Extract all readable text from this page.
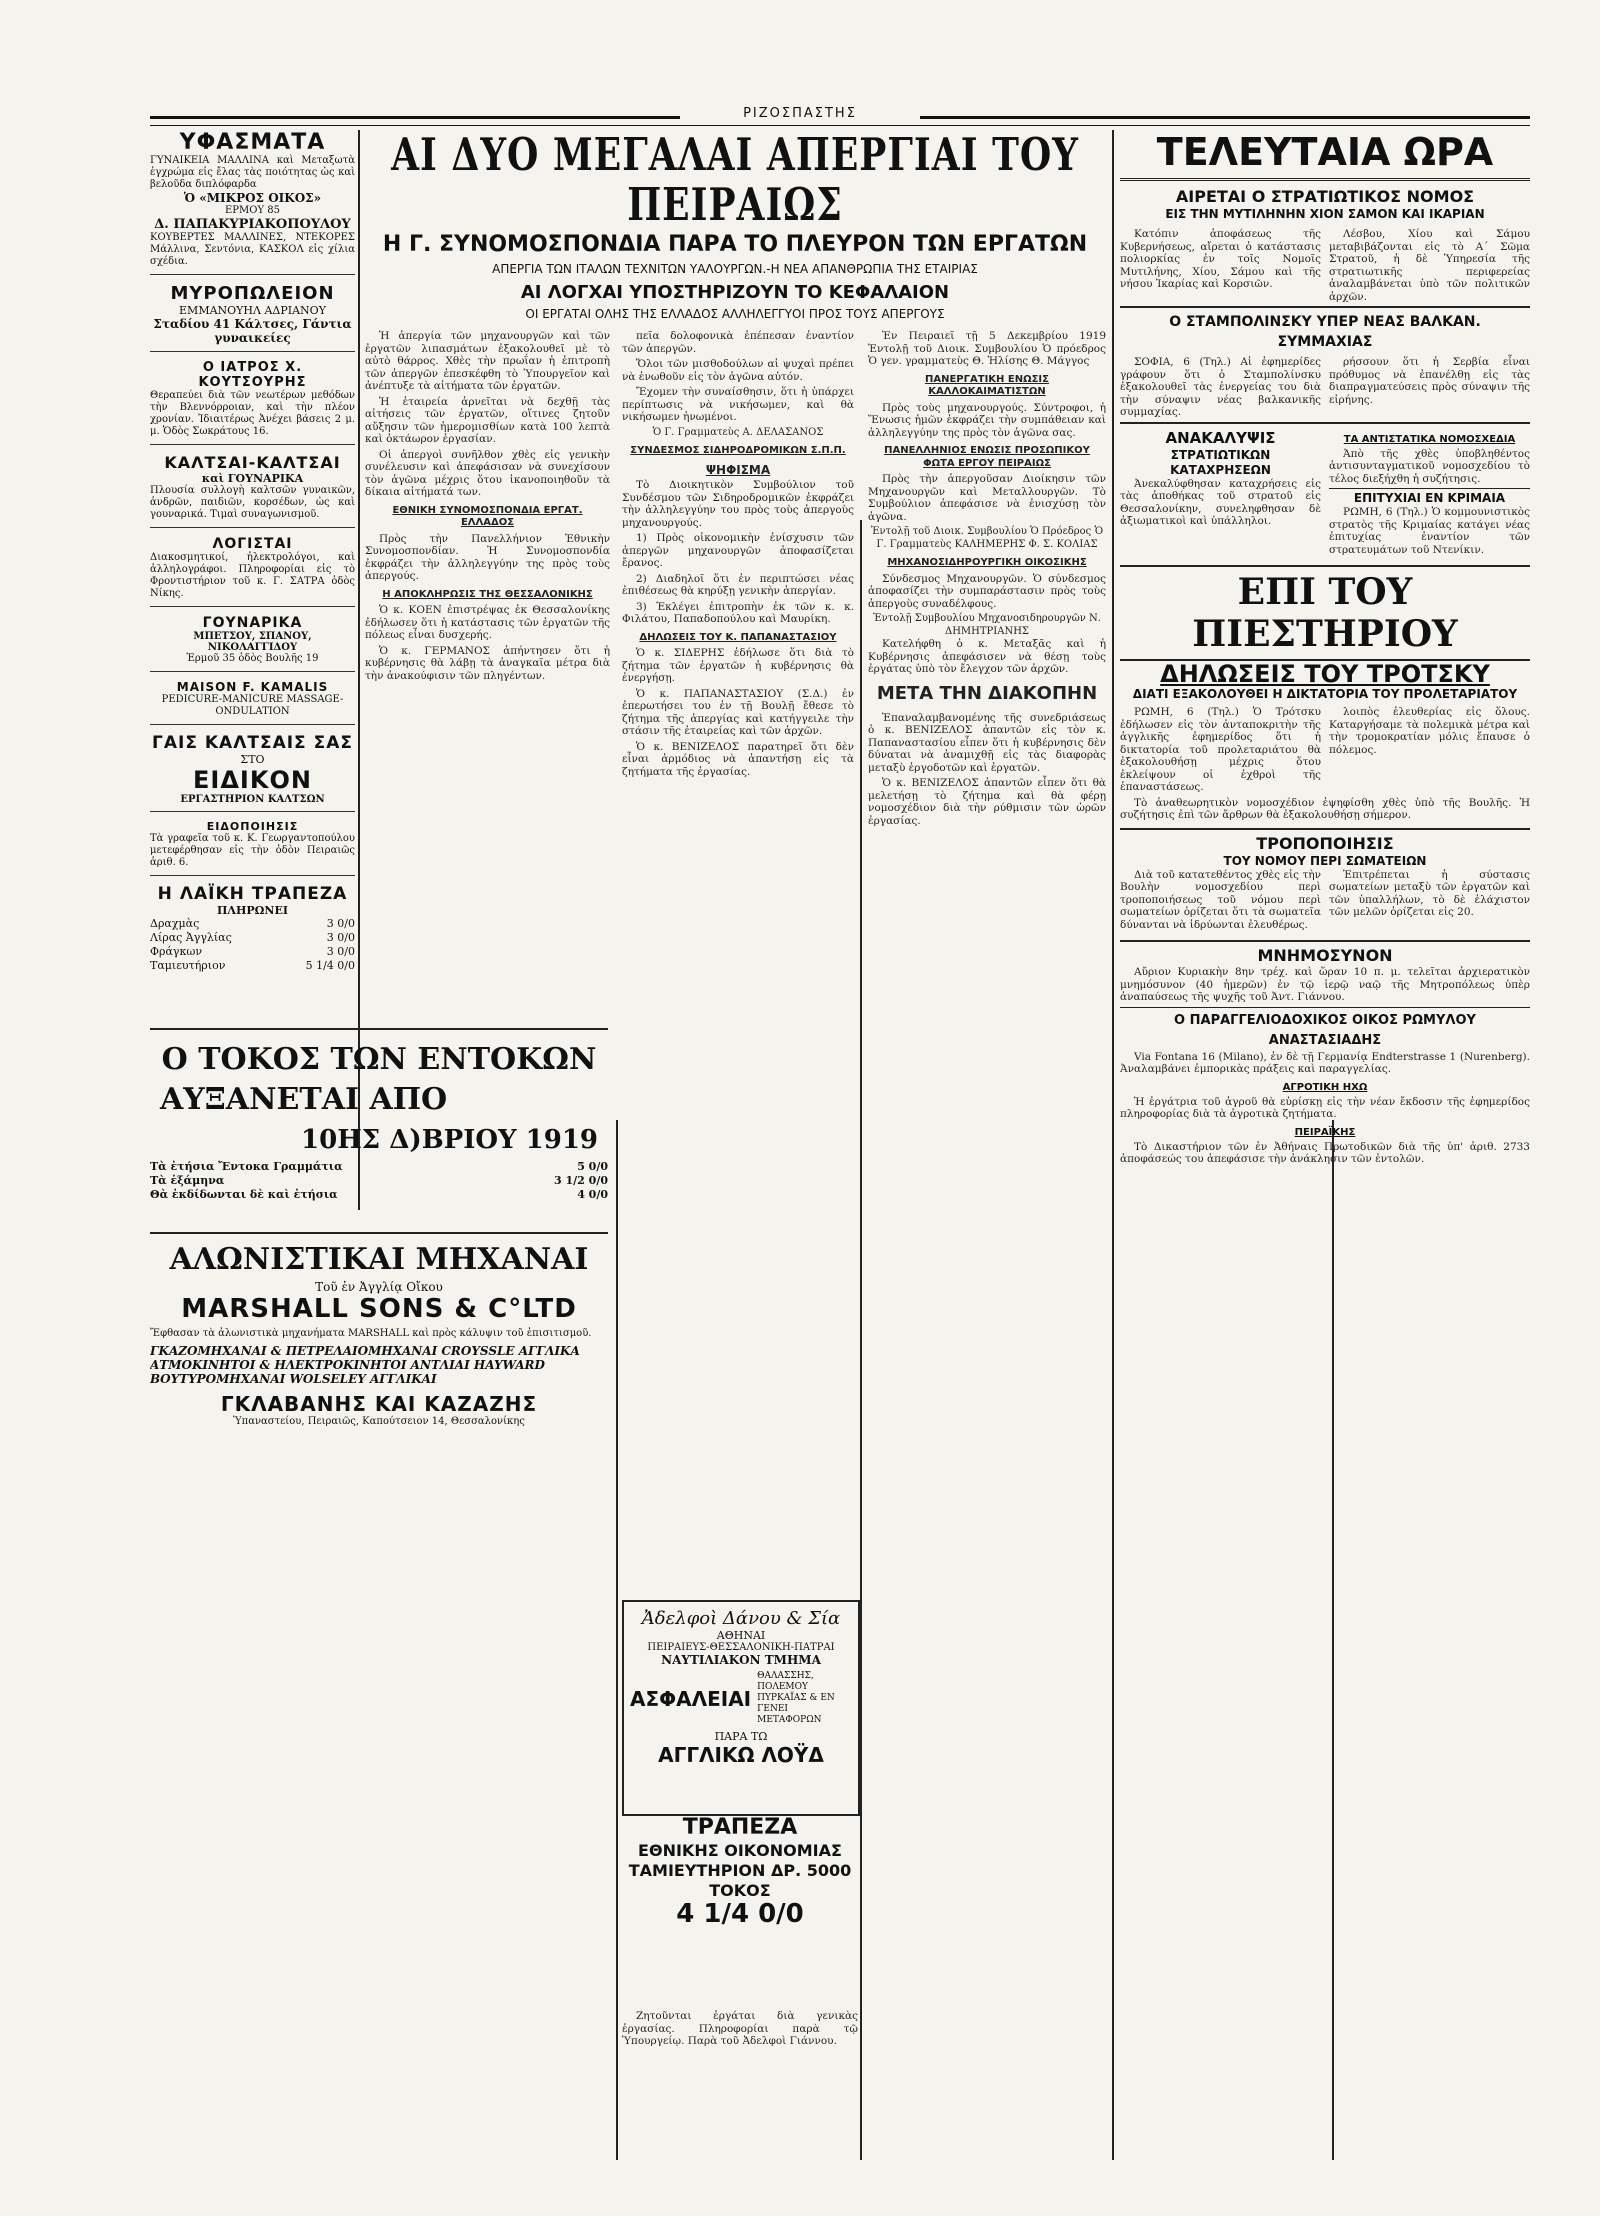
ΡΙΖΟΣΠΑΣΤΗΣ
ΥΦΑΣΜΑΤΑ
ΓΥΝΑΙΚΕΙΑ ΜΑΛΛΙΝΑ καὶ Μεταξωτὰ ἐγχρώμα εἰς ἔλας τὰς ποιότητας ὡς καὶ βελοῦδα διπλόφαρδα
Ὁ «ΜΙΚΡΟΣ ΟΙΚΟΣ»
ΕΡΜΟΥ 85
Δ. ΠΑΠΑΚΥΡΙΑΚΟΠΟΥΛΟΥ
ΚΟΥΒΕΡΤΕΣ ΜΑΛΛΙΝΕΣ, ΝΤΕΚΟΡΕΣ Μάλλινα, Σεντόνια, ΚΑΣΚΟΛ εἰς χίλια σχέδια.
ΜΥΡΟΠΩΛΕΙΟΝ
ΕΜΜΑΝΟΥΗΛ ΑΔΡΙΑΝΟΥ
Σταδίου 41 Κάλτσες, Γάντια γυναικείες
Ο ΙΑΤΡΟΣ Χ. ΚΟΥΤΣΟΥΡΗΣ
Θεραπεύει διὰ τῶν νεωτέρων μεθόδων τὴν Βλεννόρροιαν, καὶ τὴν πλέον χρονίαν. Ἰδιαιτέρως Ἀνέχει βάσεις 2 μ. μ. Ὁδὸς Σωκράτους 16.
ΚΑΛΤΣΑΙ-ΚΑΛΤΣΑΙ
καὶ ΓΟΥΝΑΡΙΚΑ
Πλουσία συλλογὴ καλτσῶν γυναικῶν, ἀνδρῶν, παιδιῶν, κορσέδων, ὡς καὶ γουναρικά. Τιμαὶ συναγωνισμοῦ.
ΛΟΓΙΣΤΑΙ
Διακοσμητικοί, ἠλεκτρολόγοι, καὶ ἀλληλογράφοι. Πληροφορίαι εἰς τὸ Φροντιστήριον τοῦ κ. Γ. ΣΑΤΡΑ ὁδὸς Νίκης.
ΓΟΥΝΑΡΙΚΑ
ΜΠΕΤΣΟΥ, ΣΠΑΝΟΥ, ΝΙΚΟΛΑΓΓΙΔΟΥ
Ἑρμοῦ 35 ὁδὸς Βουλῆς 19
MAISON F. KAMALIS
PEDICURE-MANICURE MASSAGE-ONDULATION
ΓΑΙΣ ΚΑΛΤΣΑΙΣ ΣΑΣ
ΣΤΟ
ΕΙΔΙΚΟΝ
ΕΡΓΑΣΤΗΡΙΟΝ ΚΑΛΤΣΩΝ
ΕΙΔΟΠΟΙΗΣΙΣ
Τὰ γραφεῖα τοῦ κ. Κ. Γεωργαντοπούλου μετεφέρθησαν εἰς τὴν ὁδὸν Πειραιῶς ἀριθ. 6.
Η ΛΑΪΚΗ ΤΡΑΠΕΖΑ
ΠΛΗΡΩΝΕΙ
Δραχμὰς	3 0/0
Λίρας Ἀγγλίας	3 0/0
Φράγκων	3 0/0
Ταμιευτήριον	5 1/4 0/0
Ο ΤΟΚΟΣ ΤΩΝ ΕΝΤΟΚΩΝ
ΑΥΞΑΝΕΤΑΙ ΑΠΟ
10ΗΣ Δ)ΒΡΙΟΥ 1919
Τὰ ἐτήσια Ἔντοκα Γραμμάτια	5 0/0
Τὰ ἑξάμηνα	3 1/2 0/0
Θὰ ἐκδίδωνται δὲ καὶ ἐτήσια	4 0/0
ΑΛΩΝΙΣΤΙΚΑΙ ΜΗΧΑΝΑΙ
Τοῦ ἐν Ἀγγλίᾳ Οἴκου
MARSHALL SONS & C°LTD
Ἔφθασαν τὰ ἀλωνιστικὰ μηχανήματα MARSHALL καὶ πρὸς κάλυψιν τοῦ ἐπισιτισμοῦ.
ΓΚΑΖΟΜΗΧΑΝΑΙ & ΠΕΤΡΕΛΑΙΟΜΗΧΑΝΑΙ CROYSSLE ΑΓΓΛΙΚΑ
ΑΤΜΟΚΙΝΗΤΟΙ & ΗΛΕΚΤΡΟΚΙΝΗΤΟΙ ΑΝΤΛΙΑΙ HAYWARD
ΒΟΥΤΥΡΟΜΗΧΑΝΑΙ WOLSELEY ΑΓΓΛΙΚΑΙ
ΓΚΛΑΒΑΝΗΣ ΚΑΙ ΚΑΖΑΖΗΣ
Ὑπαναστείου, Πειραιῶς, Καπούτσειον 14, Θεσσαλονίκης
ΑΙ ΔΥΟ ΜΕΓΑΛΑΙ ΑΠΕΡΓΙΑΙ ΤΟΥ ΠΕΙΡΑΙΩΣ
Η Γ. ΣΥΝΟΜΟΣΠΟΝΔΙΑ ΠΑΡΑ ΤΟ ΠΛΕΥΡΟΝ ΤΩΝ ΕΡΓΑΤΩΝ
ΑΠΕΡΓΙΑ ΤΩΝ ΙΤΑΛΩΝ ΤΕΧΝΙΤΩΝ ΥΑΛΟΥΡΓΩΝ.-Η ΝΕΑ ΑΠΑΝΘΡΩΠΙΑ ΤΗΣ ΕΤΑΙΡΙΑΣ
ΑΙ ΛΟΓΧΑΙ ΥΠΟΣΤΗΡΙΖΟΥΝ ΤΟ ΚΕΦΑΛΑΙΟΝ
ΟΙ ΕΡΓΑΤΑΙ ΟΛΗΣ ΤΗΣ ΕΛΛΑΔΟΣ ΑΛΛΗΛΕΓΓΥΟΙ ΠΡΟΣ ΤΟΥΣ ΑΠΕΡΓΟΥΣ

Ἡ ἀπεργία τῶν μηχανουργῶν καὶ τῶν ἐργατῶν λιπασμάτων ἐξακολουθεῖ μὲ τὸ αὐτὸ θάρρος. Χθὲς τὴν πρωΐαν ἡ ἐπιτροπὴ τῶν ἀπεργῶν ἐπεσκέφθη τὸ Ὑπουργεῖον καὶ ἀνέπτυξε τὰ αἰτήματα τῶν ἐργατῶν.

Ἡ ἑταιρεία ἀρνεῖται νὰ δεχθῇ τὰς αἰτήσεις τῶν ἐργατῶν, οἵτινες ζητοῦν αὔξησιν τῶν ἡμερομισθίων κατὰ 100 λεπτὰ καὶ ὀκτάωρον ἐργασίαν.

Οἱ ἀπεργοὶ συνῆλθον χθὲς εἰς γενικὴν συνέλευσιν καὶ ἀπεφάσισαν νὰ συνεχίσουν τὸν ἀγῶνα μέχρις ὅτου ἱκανοποιηθοῦν τὰ δίκαια αἰτήματά των.

ΕΘΝΙΚΗ ΣΥΝΟΜΟΣΠΟΝΔΙΑ ΕΡΓΑΤ. ΕΛΛΑΔΟΣ

Πρὸς τὴν Πανελλήνιον Ἐθνικὴν Συνομοσπονδίαν. Ἡ Συνομοσπονδία ἐκφράζει τὴν ἀλληλεγγύην της πρὸς τοὺς ἀπεργούς.

Η ΑΠΟΚΛΗΡΩΣΙΣ ΤΗΣ ΘΕΣΣΑΛΟΝΙΚΗΣ

Ὁ κ. ΚΟΕΝ ἐπιστρέψας ἐκ Θεσσαλονίκης ἐδήλωσεν ὅτι ἡ κατάστασις τῶν ἐργατῶν τῆς πόλεως εἶναι δυσχερής.

Ὁ κ. ΓΕΡΜΑΝΟΣ ἀπήντησεν ὅτι ἡ κυβέρνησις θὰ λάβῃ τὰ ἀναγκαῖα μέτρα διὰ τὴν ἀνακούφισιν τῶν πληγέντων.

πεῖα δολοφονικὰ ἐπέπεσαν ἐναντίον τῶν ἀπεργῶν.

Ὅλοι τῶν μισθοδούλων αἱ ψυχαὶ πρέπει νὰ ἑνωθοῦν εἰς τὸν ἀγῶνα αὐτόν.

Ἔχομεν τὴν συναίσθησιν, ὅτι ἡ ὑπάρχει περίπτωσις νὰ νικήσωμεν, καὶ θὰ νικήσωμεν ἡνωμένοι.

Ὁ Γ. Γραμματεὺς Α. ΔΕΛΑΣΑΝΟΣ
ΣΥΝΔΕΣΜΟΣ ΣΙΔΗΡΟΔΡΟΜΙΚΩΝ Σ.Π.Π.
ΨΗΦΙΣΜΑ

Τὸ Διοικητικὸν Συμβούλιον τοῦ Συνδέσμου τῶν Σιδηροδρομικῶν ἐκφράζει τὴν ἀλληλεγγύην του πρὸς τοὺς ἀπεργοὺς μηχανουργούς.

1) Πρὸς οἰκονομικὴν ἐνίσχυσιν τῶν ἀπεργῶν μηχανουργῶν ἀποφασίζεται ἔρανος.

2) Διαδηλοῖ ὅτι ἐν περιπτώσει νέας ἐπιθέσεως θὰ κηρύξῃ γενικὴν ἀπεργίαν.

3) Ἐκλέγει ἐπιτροπὴν ἐκ τῶν κ. κ. Φιλάτου, Παπαδοπούλου καὶ Μαυρίκη.

ΔΗΛΩΣΕΙΣ ΤΟΥ Κ. ΠΑΠΑΝΑΣΤΑΣΙΟΥ

Ὁ κ. ΣΙΔΕΡΗΣ ἐδήλωσε ὅτι διὰ τὸ ζήτημα τῶν ἐργατῶν ἡ κυβέρνησις θὰ ἐνεργήσῃ.

Ὁ κ. ΠΑΠΑΝΑΣΤΑΣΙΟΥ (Σ.Δ.) ἐν ἐπερωτήσει του ἐν τῇ Βουλῇ ἔθεσε τὸ ζήτημα τῆς ἀπεργίας καὶ κατήγγειλε τὴν στάσιν τῆς ἐταιρείας καὶ τῶν ἀρχῶν.

Ὁ κ. ΒΕΝΙΖΕΛΟΣ παρατηρεῖ ὅτι δὲν εἶναι ἀρμόδιος νὰ ἀπαντήσῃ εἰς τὰ ζητήματα τῆς ἐργασίας.

Ἐν Πειραιεῖ τῇ 5 Δεκεμβρίου 1919 Ἐντολῇ τοῦ Διοικ. Συμβουλίου Ὁ πρόεδρος Ὁ γεν. γραμματεὺς Θ. Ἠλίσης Θ. Μάγγος

ΠΑΝΕΡΓΑΤΙΚΗ ΕΝΩΣΙΣ ΚΑΛΛΟΚΑΙΜΑΤΙΣΤΩΝ

Πρὸς τοὺς μηχανουργούς. Σύντροφοι, ἡ Ἕνωσις ἡμῶν ἐκφράζει τὴν συμπάθειαν καὶ ἀλληλεγγύην της πρὸς τὸν ἀγῶνα σας.

ΠΑΝΕΛΛΗΝΙΟΣ ΕΝΩΣΙΣ ΠΡΟΣΩΠΙΚΟΥ ΦΩΤΑ ΕΡΓΟΥ ΠΕΙΡΑΙΩΣ

Πρὸς τὴν ἀπεργοῦσαν Διοίκησιν τῶν Μηχανουργῶν καὶ Μεταλλουργῶν. Τὸ Συμβούλιον ἀπεφάσισε νὰ ἐνισχύσῃ τὸν ἀγῶνα.

Ἐντολῇ τοῦ Διοικ. Συμβουλίου Ὁ Πρόεδρος Ὁ Γ. Γραμματεὺς ΚΑΛΗΜΕΡΗΣ Φ. Σ. ΚΟΛΙΑΣ
ΜΗΧΑΝΟΣΙΔΗΡΟΥΡΓΙΚΗ ΟΙΚΟΣΙΚΗΣ

Σύνδεσμος Μηχανουργῶν. Ὁ σύνδεσμος ἀποφασίζει τὴν συμπαράστασιν πρὸς τοὺς ἀπεργοὺς συναδέλφους.

Ἐντολῇ Συμβουλίου Μηχανοσιδηρουργῶν Ν. ΔΗΜΗΤΡΙΑΝΗΣ

Κατελήφθη ὁ κ. Μεταξᾶς καὶ ἡ Κυβέρνησις ἀπεφάσισεν νὰ θέσῃ τοὺς ἐργάτας ὑπὸ τὸν ἔλεγχον τῶν ἀρχῶν.

ΜΕΤΑ ΤΗΝ ΔΙΑΚΟΠΗΝ

Ἐπαναλαμβανομένης τῆς συνεδριάσεως ὁ κ. ΒΕΝΙΖΕΛΟΣ ἀπαντῶν εἰς τὸν κ. Παπαναστασίου εἶπεν ὅτι ἡ κυβέρνησις δὲν δύναται νὰ ἀναμιχθῇ εἰς τὰς διαφορὰς μεταξὺ ἐργοδοτῶν καὶ ἐργατῶν.

Ὁ κ. ΒΕΝΙΖΕΛΟΣ ἀπαντῶν εἶπεν ὅτι θὰ μελετήσῃ τὸ ζήτημα καὶ θὰ φέρῃ νομοσχέδιον διὰ τὴν ρύθμισιν τῶν ὡρῶν ἐργασίας.

Ἀδελφοὶ Δάνου & Σία
ΑΘΗΝΑΙ
ΠΕΙΡΑΙΕΥΣ-ΘΕΣΣΑΛΟΝΙΚΗ-ΠΑΤΡΑΙ
ΝΑΥΤΙΛΙΑΚΟΝ ΤΜΗΜΑ
ΑΣΦΑΛΕΙΑΙ
ΘΑΛΑΣΣΗΣ, ΠΟΛΕΜΟΥ ΠΥΡΚΑΪΑΣ & ΕΝ ΓΕΝΕΙ ΜΕΤΑΦΟΡΩΝ
ΠΑΡΑ ΤΩ
ΑΓΓΛΙΚΩ ΛΟΫΔ
ΤΡΑΠΕΖΑ
ΕΘΝΙΚΗΣ ΟΙΚΟΝΟΜΙΑΣ
ΤΑΜΙΕΥΤΗΡΙΟΝ ΔΡ. 5000
ΤΟΚΟΣ
4 1/4 0/0

Ζητοῦνται ἐργάται διὰ γενικὰς ἐργασίας. Πληροφορίαι παρὰ τῷ Ὑπουργείῳ. Παρὰ τοῦ Ἀδελφοὶ Γιάννου.

ΤΕΛΕΥΤΑΙΑ ΩΡΑ
ΑΙΡΕΤΑΙ Ο ΣΤΡΑΤΙΩΤΙΚΟΣ ΝΟΜΟΣ
ΕΙΣ ΤΗΝ ΜΥΤΙΛΗΝΗΝ ΧΙΟΝ ΣΑΜΟΝ ΚΑΙ ΙΚΑΡΙΑΝ

Κατόπιν ἀποφάσεως τῆς Κυβερνήσεως, αἴρεται ὁ κατάστασις πολιορκίας ἐν τοῖς Νομοῖς Μυτιλήνης, Χίου, Σάμου καὶ τῆς νήσου Ἰκαρίας καὶ Κορσιῶν.

Λέσβου, Χίου καὶ Σάμου μεταβιβάζονται εἰς τὸ Α΄ Σῶμα Στρατοῦ, ἡ δὲ Ὑπηρεσία τῆς στρατιωτικῆς περιφερείας ἀναλαμβάνεται ὑπὸ τῶν πολιτικῶν ἀρχῶν.

Ο ΣΤΑΜΠΟΛΙΝΣΚΥ ΥΠΕΡ ΝΕΑΣ ΒΑΛΚΑΝ. ΣΥΜΜΑΧΙΑΣ

ΣΟΦΙΑ, 6 (Τηλ.) Αἱ ἐφημερίδες γράφουν ὅτι ὁ Σταμπολίνσκυ ἐξακολουθεῖ τὰς ἐνεργείας του διὰ τὴν σύναψιν νέας βαλκανικῆς συμμαχίας.

ρήσσουν ὅτι ἡ Σερβία εἶναι πρόθυμος νὰ ἐπανέλθῃ εἰς τὰς διαπραγματεύσεις πρὸς σύναψιν τῆς εἰρήνης.

ΑΝΑΚΑΛΥΨΙΣ
ΣΤΡΑΤΙΩΤΙΚΩΝ ΚΑΤΑΧΡΗΣΕΩΝ

Ἀνεκαλύφθησαν καταχρήσεις εἰς τὰς ἀποθήκας τοῦ στρατοῦ εἰς Θεσσαλονίκην, συνεληφθησαν δὲ ἀξιωματικοὶ καὶ ὑπάλληλοι.

ΤΑ ΑΝΤΙΣΤΑΤΙΚΑ ΝΟΜΟΣΧΕΔΙΑ

Ἀπὸ τῆς χθὲς ὑποβληθέντος ἀντισυνταγματικοῦ νομοσχεδίου τὸ τέλος διεξήχθη ἡ συζήτησις.

ΕΠΙΤΥΧΙΑΙ ΕΝ ΚΡΙΜΑΙΑ

ΡΩΜΗ, 6 (Τηλ.) Ὁ κομμουνιστικὸς στρατὸς τῆς Κριμαίας κατάγει νέας ἐπιτυχίας ἐναντίον τῶν στρατευμάτων τοῦ Ντενίκιν.

ΕΠΙ ΤΟΥ ΠΙΕΣΤΗΡΙΟΥ
ΔΗΛΩΣΕΙΣ ΤΟΥ ΤΡΟΤΣΚΥ
ΔΙΑΤΙ ΕΞΑΚΟΛΟΥΘΕΙ Η ΔΙΚΤΑΤΟΡΙΑ ΤΟΥ ΠΡΟΛΕΤΑΡΙΑΤΟΥ

ΡΩΜΗ, 6 (Τηλ.) Ὁ Τρότσκυ ἐδήλωσεν εἰς τὸν ἀνταποκριτὴν τῆς ἀγγλικῆς ἐφημερίδος ὅτι ἡ δικτατορία τοῦ προλεταριάτου θὰ ἐξακολουθήσῃ μέχρις ὅτου ἐκλείψουν οἱ ἐχθροὶ τῆς ἐπαναστάσεως.

λοιπὸς ἐλευθερίας εἰς ὅλους. Καταργήσαμε τὰ πολεμικὰ μέτρα καὶ τὴν τρομοκρατίαν μόλις ἔπαυσε ὁ πόλεμος.

Τὸ ἀναθεωρητικὸν νομοσχέδιον ἐψηφίσθη χθὲς ὑπὸ τῆς Βουλῆς. Ἡ συζήτησις ἐπὶ τῶν ἄρθρων θὰ ἐξακολουθήσῃ σήμερον.

ΤΡΟΠΟΠΟΙΗΣΙΣ
ΤΟΥ ΝΟΜΟΥ ΠΕΡΙ ΣΩΜΑΤΕΙΩΝ

Διὰ τοῦ κατατεθέντος χθὲς εἰς τὴν Βουλὴν νομοσχεδίου περὶ τροποποιήσεως τοῦ νόμου περὶ σωματείων ὁρίζεται ὅτι τὰ σωματεῖα δύνανται νὰ ἱδρύωνται ἐλευθέρως.

Ἐπιτρέπεται ἡ σύστασις σωματείων μεταξὺ τῶν ἐργατῶν καὶ τῶν ὑπαλλήλων, τὸ δὲ ἐλάχιστον τῶν μελῶν ὁρίζεται εἰς 20.

ΜΝΗΜΟΣΥΝΟΝ

Αὔριον Κυριακὴν 8ην τρέχ. καὶ ὥραν 10 π. μ. τελεῖται ἀρχιερατικὸν μνημόσυνον (40 ἡμερῶν) ἐν τῷ ἱερῷ ναῷ τῆς Μητροπόλεως ὑπὲρ ἀναπαύσεως τῆς ψυχῆς τοῦ Ἀντ. Γιάννου.

Ο ΠΑΡΑΓΓΕΛΙΟΔΟΧΙΚΟΣ ΟΙΚΟΣ ΡΩΜΥΛΟΥ ΑΝΑΣΤΑΣΙΑΔΗΣ

Via Fontana 16 (Milano), ἐν δὲ τῇ Γερμανίᾳ Endterstrasse 1 (Nurenberg). Ἀναλαμβάνει ἐμπορικὰς πράξεις καὶ παραγγελίας.

ΑΓΡΟΤΙΚΗ ΗΧΩ

Ἡ ἐργάτρια τοῦ ἀγροῦ θὰ εὑρίσκῃ εἰς τὴν νέαν ἔκδοσιν τῆς ἐφημερίδος πληροφορίας διὰ τὰ ἀγροτικὰ ζητήματα.

ΠΕΙΡΑΪΚΗΣ

Τὸ Δικαστήριον τῶν ἐν Ἀθήναις Πρωτοδικῶν διὰ τῆς ὑπ' ἀριθ. 2733 ἀποφάσεώς του ἀπεφάσισε τὴν ἀνάκλησιν τῶν ἐντολῶν.
